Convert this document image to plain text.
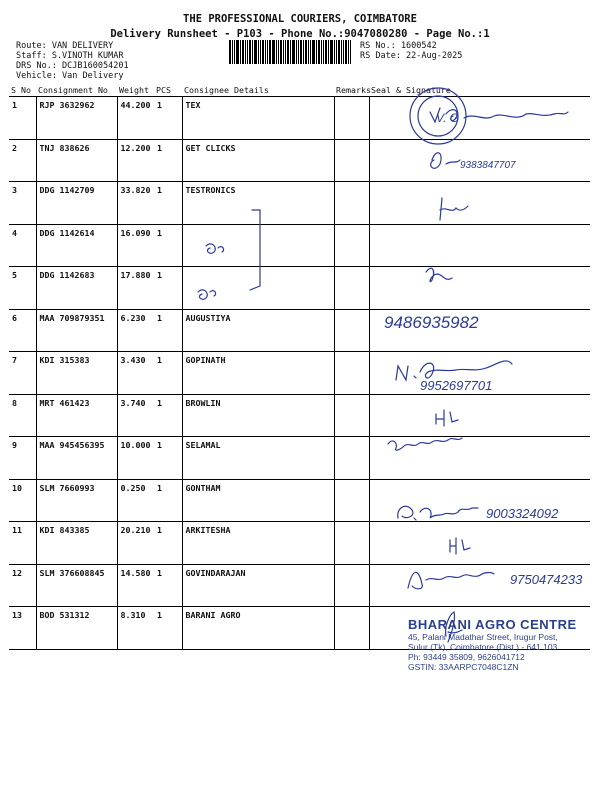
THE PROFESSIONAL COURIERS, COIMBATORE
Delivery Runsheet - P103 - Phone No.:9047080280 - Page No.:1
Route: VAN DELIVERY
Staff: S.VINOTH KUMAR
DRS No.: DCJB160054201
Vehicle: Van Delivery
RS No.: 1600542
RS Date: 22-Aug-2025
S No	Consignment No	Weight	PCS	Consignee Details	Remarks	Seal & Signature
1	RJP 3632962	44.200	1	TEX		
2	TNJ 838626	12.200	1	GET CLICKS		
3	DDG 1142709	33.820	1	TESTRONICS		
4	DDG 1142614	16.090	1			
5	DDG 1142683	17.880	1			
6	MAA 709879351	6.230	1	AUGUSTIYA		
7	KDI 315383	3.430	1	GOPINATH		
8	MRT 461423	3.740	1	BROWLIN		
9	MAA 945456395	10.000	1	SELAMAL		
10	SLM 7660993	0.250	1	GONTHAM		
11	KDI 843385	20.210	1	ARKITESHA		
12	SLM 376608845	14.580	1	GOVINDARAJAN		
13	BOD 531312	8.310	1	BARANI AGRO		
V. G
9383847707
9486935982
9952697701
9003324092
9750474233
BHARANI AGRO CENTRE
45, Palani Madathar Street, Irugur Post,
Sulur (Tk), Coimbatore (Dist.) - 641 103
Ph: 93449 35809, 9626041712
GSTIN: 33AARPC7048C1ZN
